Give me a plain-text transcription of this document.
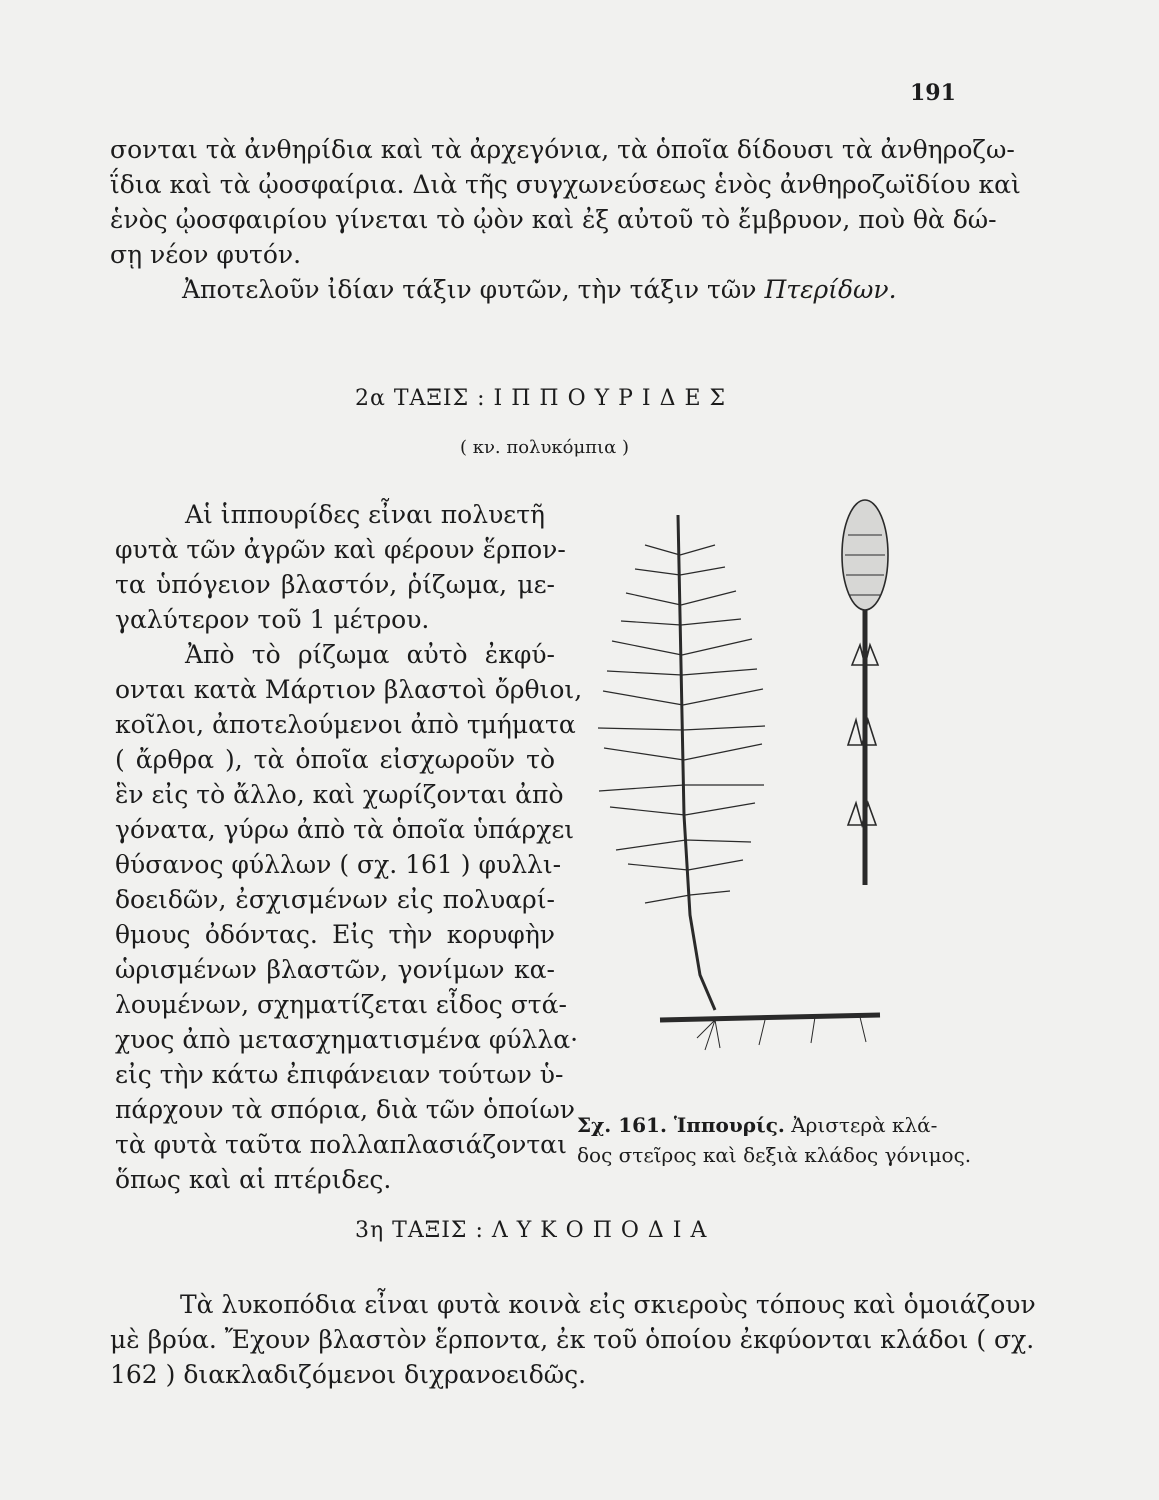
191
σονται τὰ ἀνθηρίδια καὶ τὰ ἀρχεγόνια, τὰ ὁποῖα δίδουσι τὰ ἀνθηροζω-
ΐδια καὶ τὰ ᾠοσφαίρια. Διὰ τῆς συγχωνεύσεως ἑνὸς ἀνθηροζωϊδίου καὶ
ἑνὸς ᾠοσφαιρίου γίνεται τὸ ᾠὸν καὶ ἐξ αὐτοῦ τὸ ἔμβρυον, ποὺ θὰ δώ-
σῃ νέον φυτόν.
Ἀποτελοῦν ἰδίαν τάξιν φυτῶν, τὴν τάξιν τῶν Πτερίδων.
2α ΤΑΞΙΣ : Ι Π Π Ο Υ Ρ Ι Δ Ε Σ
( κν. πολυκόμπια )
Αἱ ἱππουρίδες εἶναι πολυετῆ
φυτὰ τῶν ἀγρῶν καὶ φέρουν ἕρπον-
τα ὑπόγειον βλαστόν, ῥίζωμα, με-
γαλύτερον τοῦ 1 μέτρου.
Ἀπὸ τὸ ρίζωμα αὐτὸ ἐκφύ-
ονται κατὰ Μάρτιον βλαστοὶ ὄρθιοι,
κοῖλοι, ἀποτελούμενοι ἀπὸ τμήματα
( ἄρθρα ), τὰ ὁποῖα εἰσχωροῦν τὸ
ἓν εἰς τὸ ἄλλο, καὶ χωρίζονται ἀπὸ
γόνατα, γύρω ἀπὸ τὰ ὁποῖα ὑπάρχει
θύσανος φύλλων ( σχ. 161 ) φυλλι-
δοειδῶν, ἐσχισμένων εἰς πολυαρί-
θμους ὀδόντας. Εἰς τὴν κορυφὴν
ὡρισμένων βλαστῶν, γονίμων κα-
λουμένων, σχηματίζεται εἶδος στά-
χυος ἀπὸ μετασχηματισμένα φύλλα·
εἰς τὴν κάτω ἐπιφάνειαν τούτων ὑ-
πάρχουν τὰ σπόρια, διὰ τῶν ὁποίων
τὰ φυτὰ ταῦτα πολλαπλασιάζονται
ὅπως καὶ αἱ πτέριδες.
Σχ. 161. Ἱππουρίς. Ἀριστερὰ κλά-
δος στεῖρος καὶ δεξιὰ κλάδος γόνιμος.
3η ΤΑΞΙΣ : Λ Υ Κ Ο Π Ο Δ Ι Α
Τὰ λυκοπόδια εἶναι φυτὰ κοινὰ εἰς σκιεροὺς τόπους καὶ ὁμοιάζουν
μὲ βρύα. Ἔχουν βλαστὸν ἕρποντα, ἐκ τοῦ ὁποίου ἐκφύονται κλάδοι ( σχ.
162 ) διακλαδιζόμενοι διχρανοειδῶς.
